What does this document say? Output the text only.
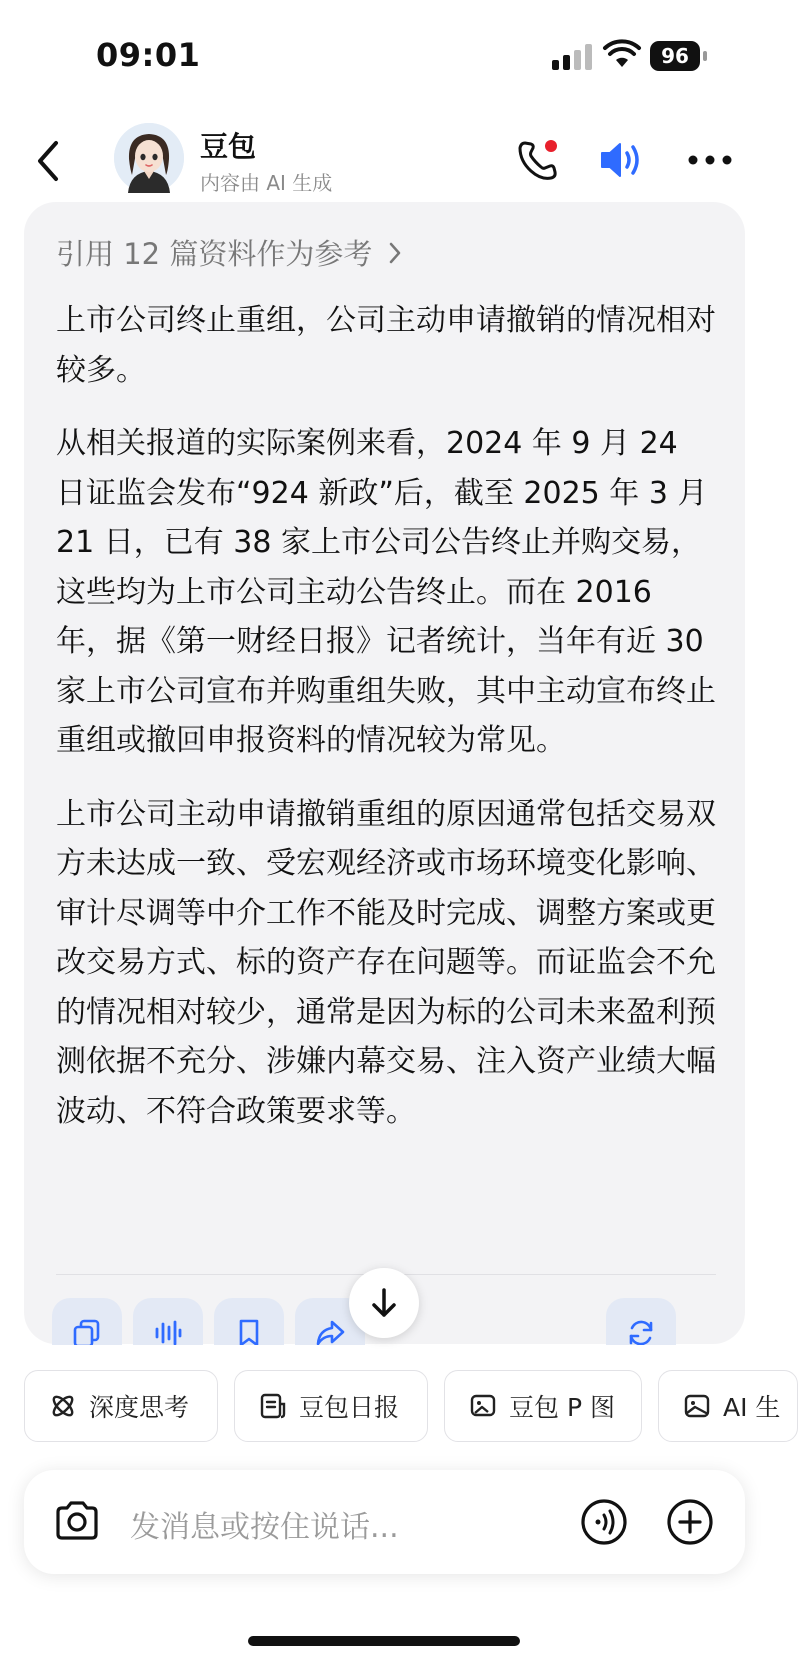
09:01	96
豆包
内容由 AI 生成
引用 12 篇资料作为参考

上市公司终止重组，公司主动申请撤销的情况相对较多。

从相关报道的实际案例来看，2024 年 9 月 24 日证监会发布“924 新政”后，截至 2025 年 3 月 21 日，已有 38 家上市公司公告终止并购交易，这些均为上市公司主动公告终止。而在 2016 年，据《第一财经日报》记者统计，当年有近 30 家上市公司宣布并购重组失败，其中主动宣布终止重组或撤回申报资料的情况较为常见。

上市公司主动申请撤销重组的原因通常包括交易双方未达成一致、受宏观经济或市场环境变化影响、审计尽调等中介工作不能及时完成、调整方案或更改交易方式、标的资产存在问题等。而证监会不允的情况相对较少，通常是因为标的公司未来盈利预测依据不充分、涉嫌内幕交易、注入资产业绩大幅波动、不符合政策要求等。

深度思考	豆包日报	豆包 P 图	AI 生
发消息或按住说话...
